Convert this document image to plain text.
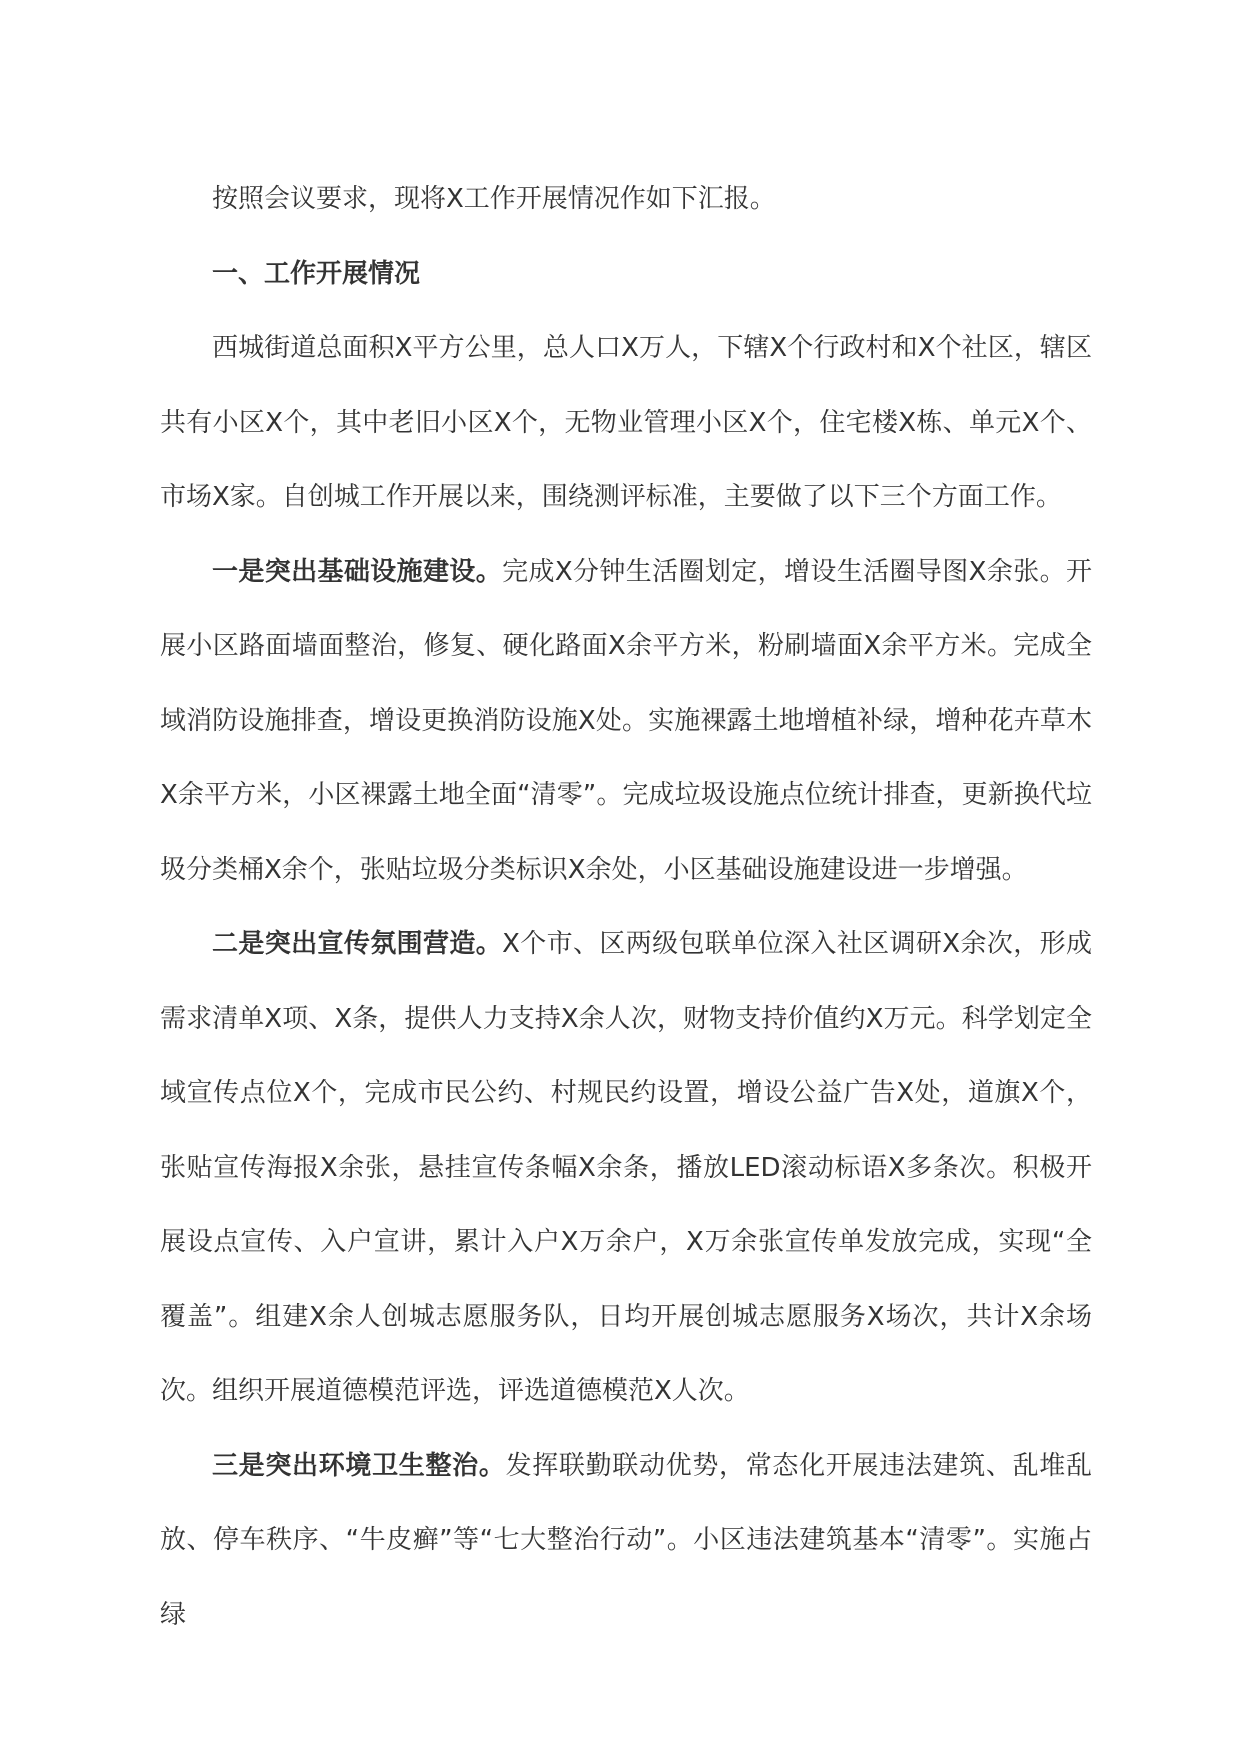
按照会议要求，现将X工作开展情况作如下汇报。

一、工作开展情况

西城街道总面积X平方公里，总人口X万人，下辖X个行政村和X个社区，辖区共有小区X个，其中老旧小区X个，无物业管理小区X个，住宅楼X栋、单元X个、市场X家。自创城工作开展以来，围绕测评标准，主要做了以下三个方面工作。

一是突出基础设施建设。完成X分钟生活圈划定，增设生活圈导图X余张。开展小区路面墙面整治，修复、硬化路面X余平方米，粉刷墙面X余平方米。完成全域消防设施排查，增设更换消防设施X处。实施裸露土地增植补绿，增种花卉草木X余平方米，小区裸露土地全面“清零”。完成垃圾设施点位统计排查，更新换代垃圾分类桶X余个，张贴垃圾分类标识X余处，小区基础设施建设进一步增强。

二是突出宣传氛围营造。X个市、区两级包联单位深入社区调研X余次，形成需求清单X项、X条，提供人力支持X余人次，财物支持价值约X万元。科学划定全域宣传点位X个，完成市民公约、村规民约设置，增设公益广告X处，道旗X个，张贴宣传海报X余张，悬挂宣传条幅X余条，播放LED滚动标语X多条次。积极开展设点宣传、入户宣讲，累计入户X万余户，X万余张宣传单发放完成，实现“全覆盖”。组建X余人创城志愿服务队，日均开展创城志愿服务X场次，共计X余场次。组织开展道德模范评选，评选道德模范X人次。

三是突出环境卫生整治。发挥联勤联动优势，常态化开展违法建筑、乱堆乱放、停车秩序、“牛皮癣”等“七大整治行动”。小区违法建筑基本“清零”。实施占绿
